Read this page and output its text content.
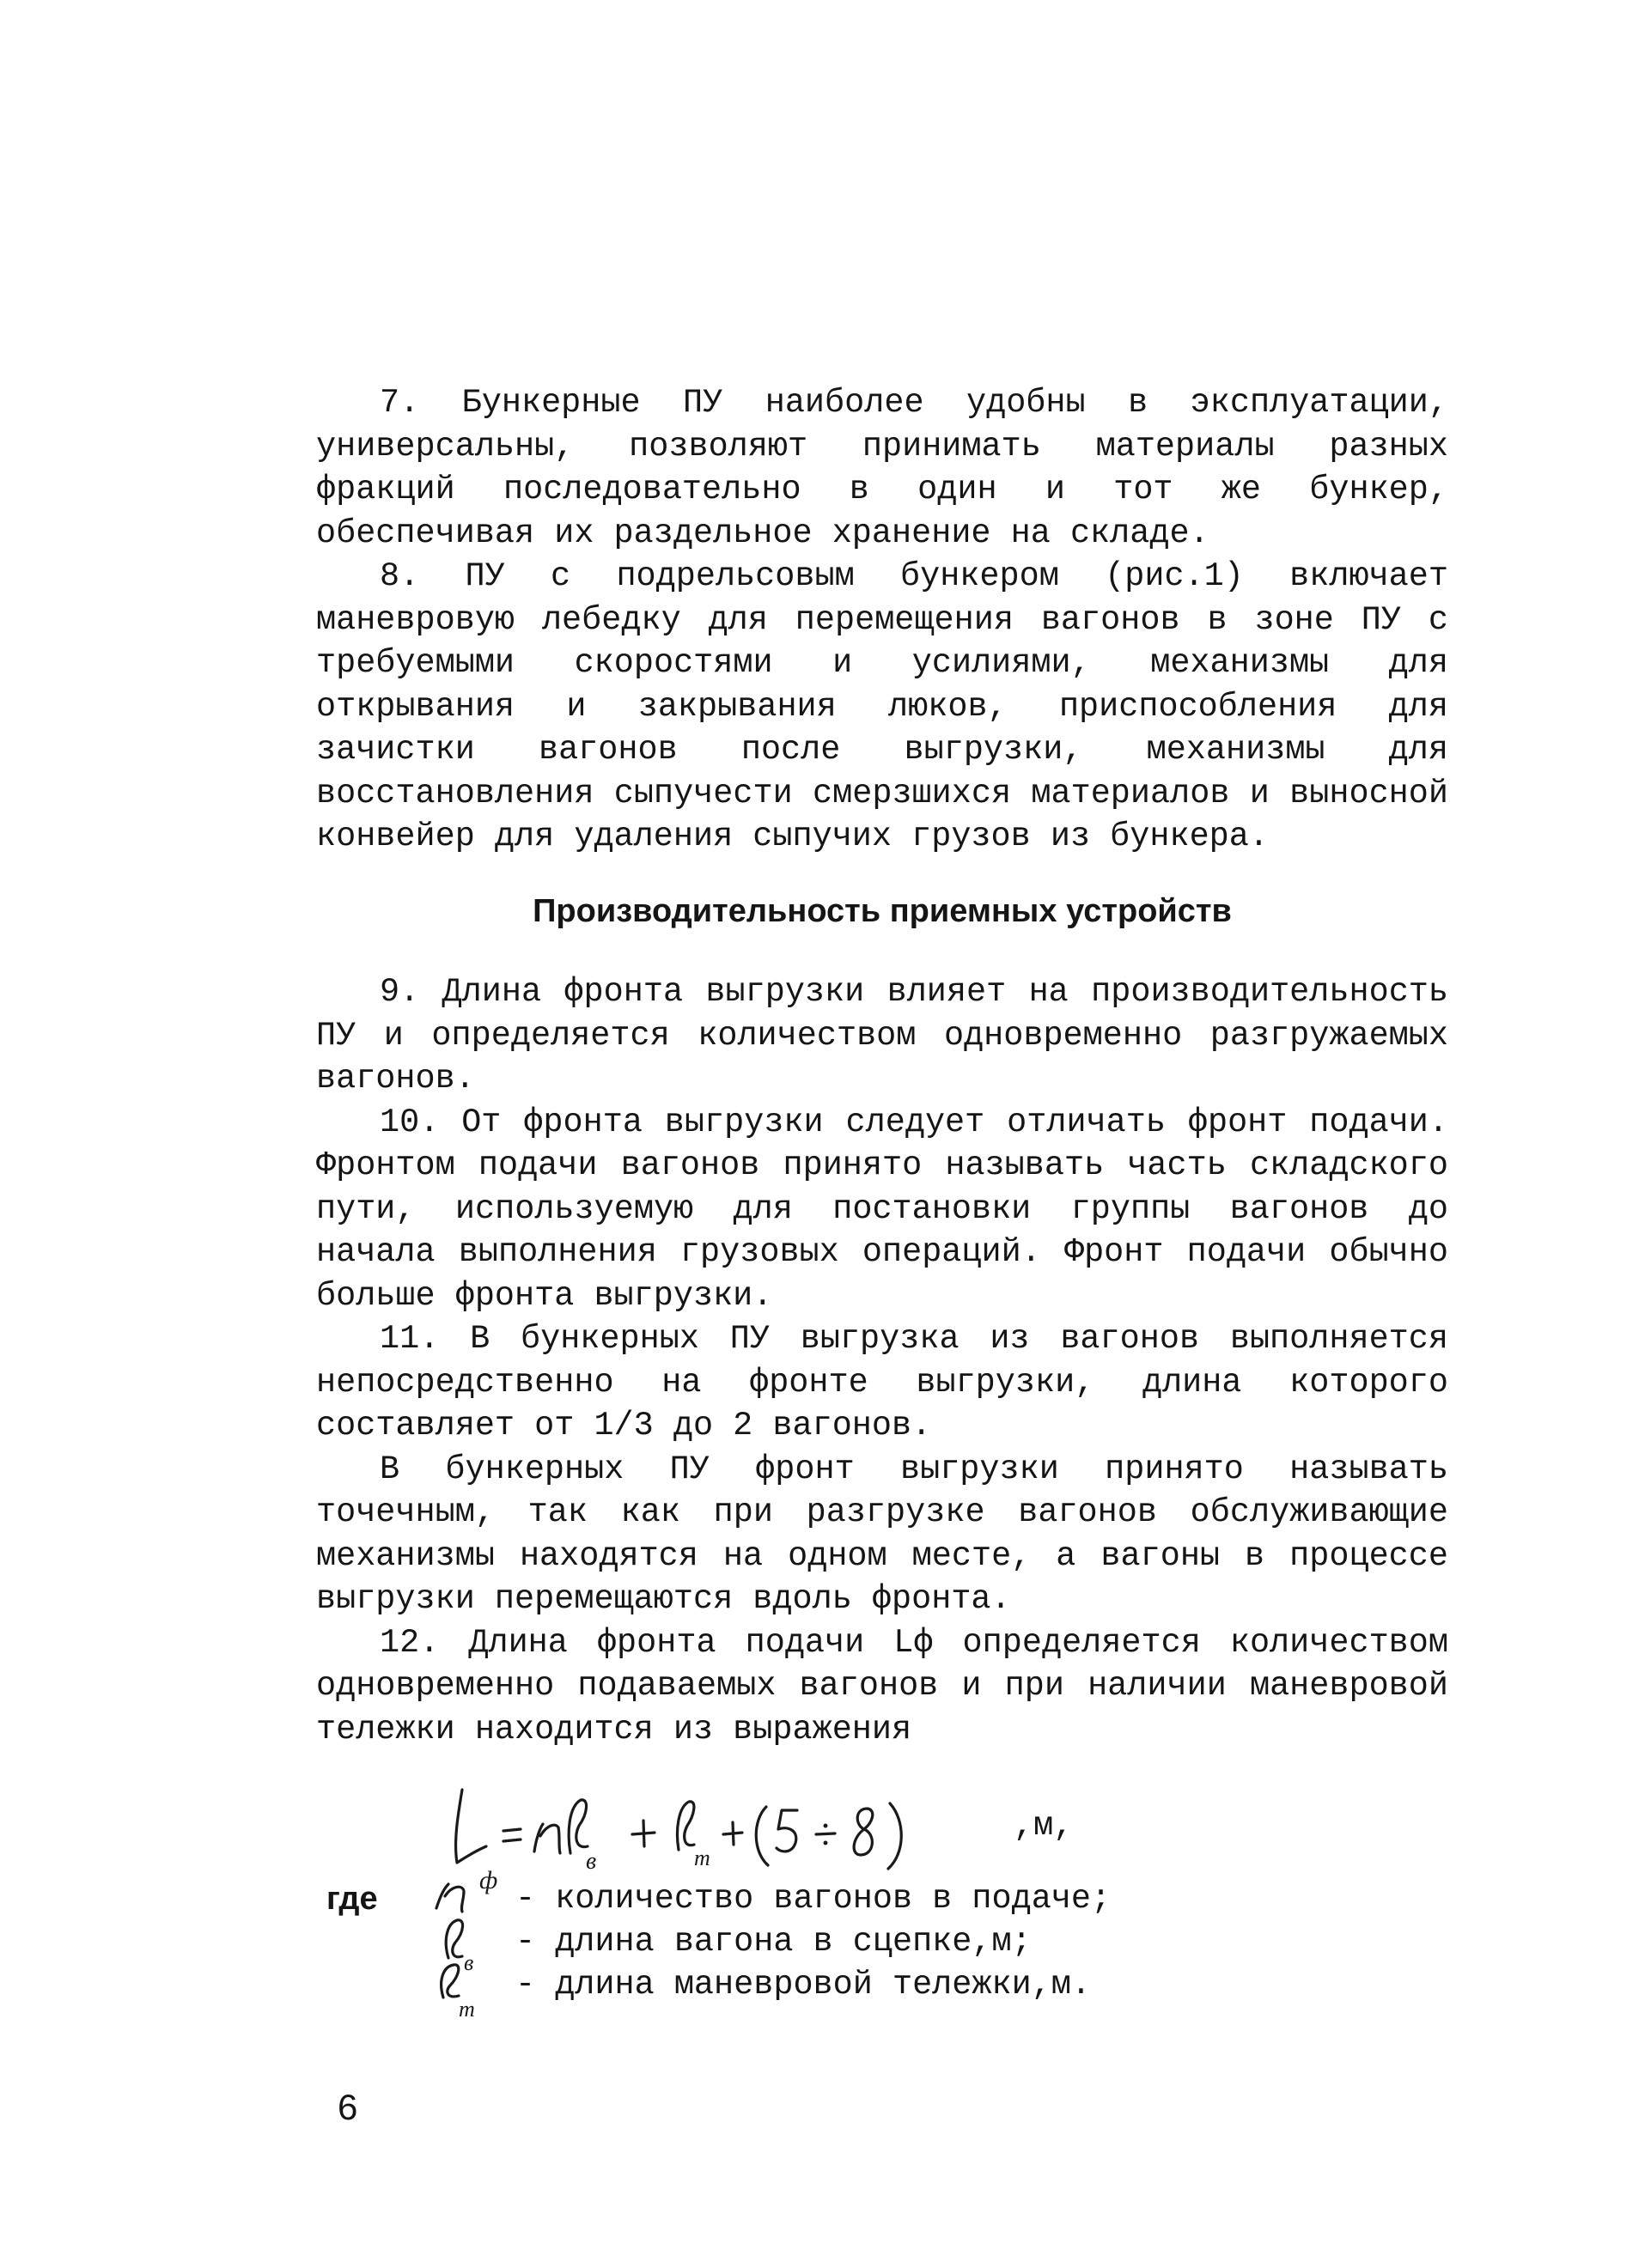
7. Бункерные ПУ наиболее удобны в эксплуатации, универсальны, позволяют принимать материалы разных фракций последовательно в один и тот же бункер, обеспечивая их раздельное хранение на складе.

8. ПУ с подрельсовым бункером (рис.1) включает маневровую лебедку для перемещения вагонов в зоне ПУ с требуемыми скоростями и усилиями, механизмы для открывания и закрывания люков, приспособления для зачистки вагонов после выгрузки, механизмы для восстановления сыпучести смерзшихся материалов и выносной конвейер для удаления сыпучих грузов из бункера.

Производительность приемных устройств

9. Длина фронта выгрузки влияет на производительность ПУ и определяется количеством одновременно разгружаемых вагонов.

10. От фронта выгрузки следует отличать фронт подачи. Фронтом подачи вагонов принято называть часть складского пути, используемую для постановки группы вагонов до начала выполнения грузовых операций. Фронт подачи обычно больше фронта выгрузки.

11. В бункерных ПУ выгрузка из вагонов выполняется непосредственно на фронте выгрузки, длина которого составляет от 1/3 до 2 вагонов.

В бункерных ПУ фронт выгрузки принято называть точечным, так как при разгрузке вагонов обслуживающие механизмы находятся на одном месте, а вагоны в процессе выгрузки перемещаются вдоль фронта.

12. Длина фронта подачи Lф определяется количеством одновременно подаваемых вагонов и при наличии маневровой тележки находится из выражения

ф
в	т
,м,
где	- количество вагонов в подаче;
в
- длина вагона в сцепке,м;
т
- длина маневровой тележки,м.
6
